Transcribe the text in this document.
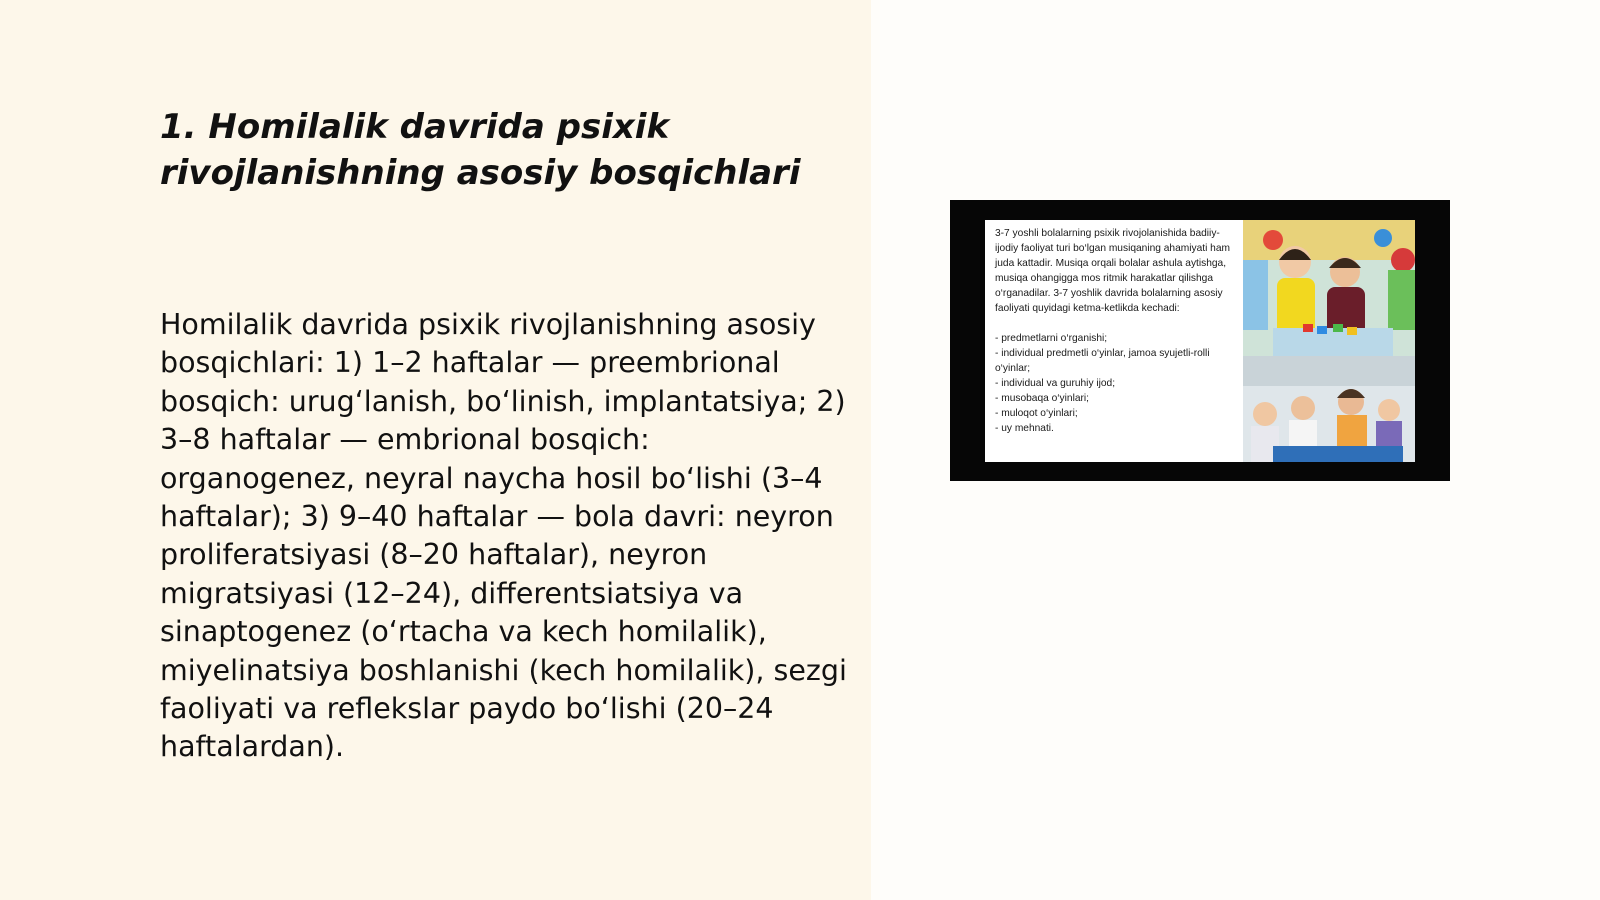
1. Homilalik davrida psixik rivojlanishning asosiy bosqichlari

Homilalik davrida psixik rivojlanishning asosiy bosqichlari: 1) 1–2 haftalar — preembrional bosqich: urug‘lanish, bo‘linish, implantatsiya; 2) 3–8 haftalar — embrional bosqich: organogenez, neyral naycha hosil bo‘lishi (3–4 haftalar); 3) 9–40 haftalar — bola davri: neyron proliferatsiyasi (8–20 haftalar), neyron migratsiyasi (12–24), differentsiatsiya va sinaptogenez (o‘rtacha va kech homilalik), miyelinatsiya boshlanishi (kech homilalik), sezgi faoliyati va reflekslar paydo bo‘lishi (20–24 haftalardan).

3-7 yoshli bolalarning psixik rivojolanishida badiiy-ijodiy faoliyat turi bo‘lgan musiqaning ahamiyati ham juda kattadir. Musiqa orqali bolalar ashula aytishga, musiqa ohangigga mos ritmik harakatlar qilishga o‘rganadilar. 3-7 yoshlik davrida bolalarning asosiy faoliyati quyidagi ketma-ketlikda kechadi:

- predmetlarni o‘rganishi;
- individual predmetli o‘yinlar, jamoa syujetli-rolli o‘yinlar;
- individual va guruhiy ijod;
- musobaqa o‘yinlari;
- muloqot o‘yinlari;
- uy mehnati.
